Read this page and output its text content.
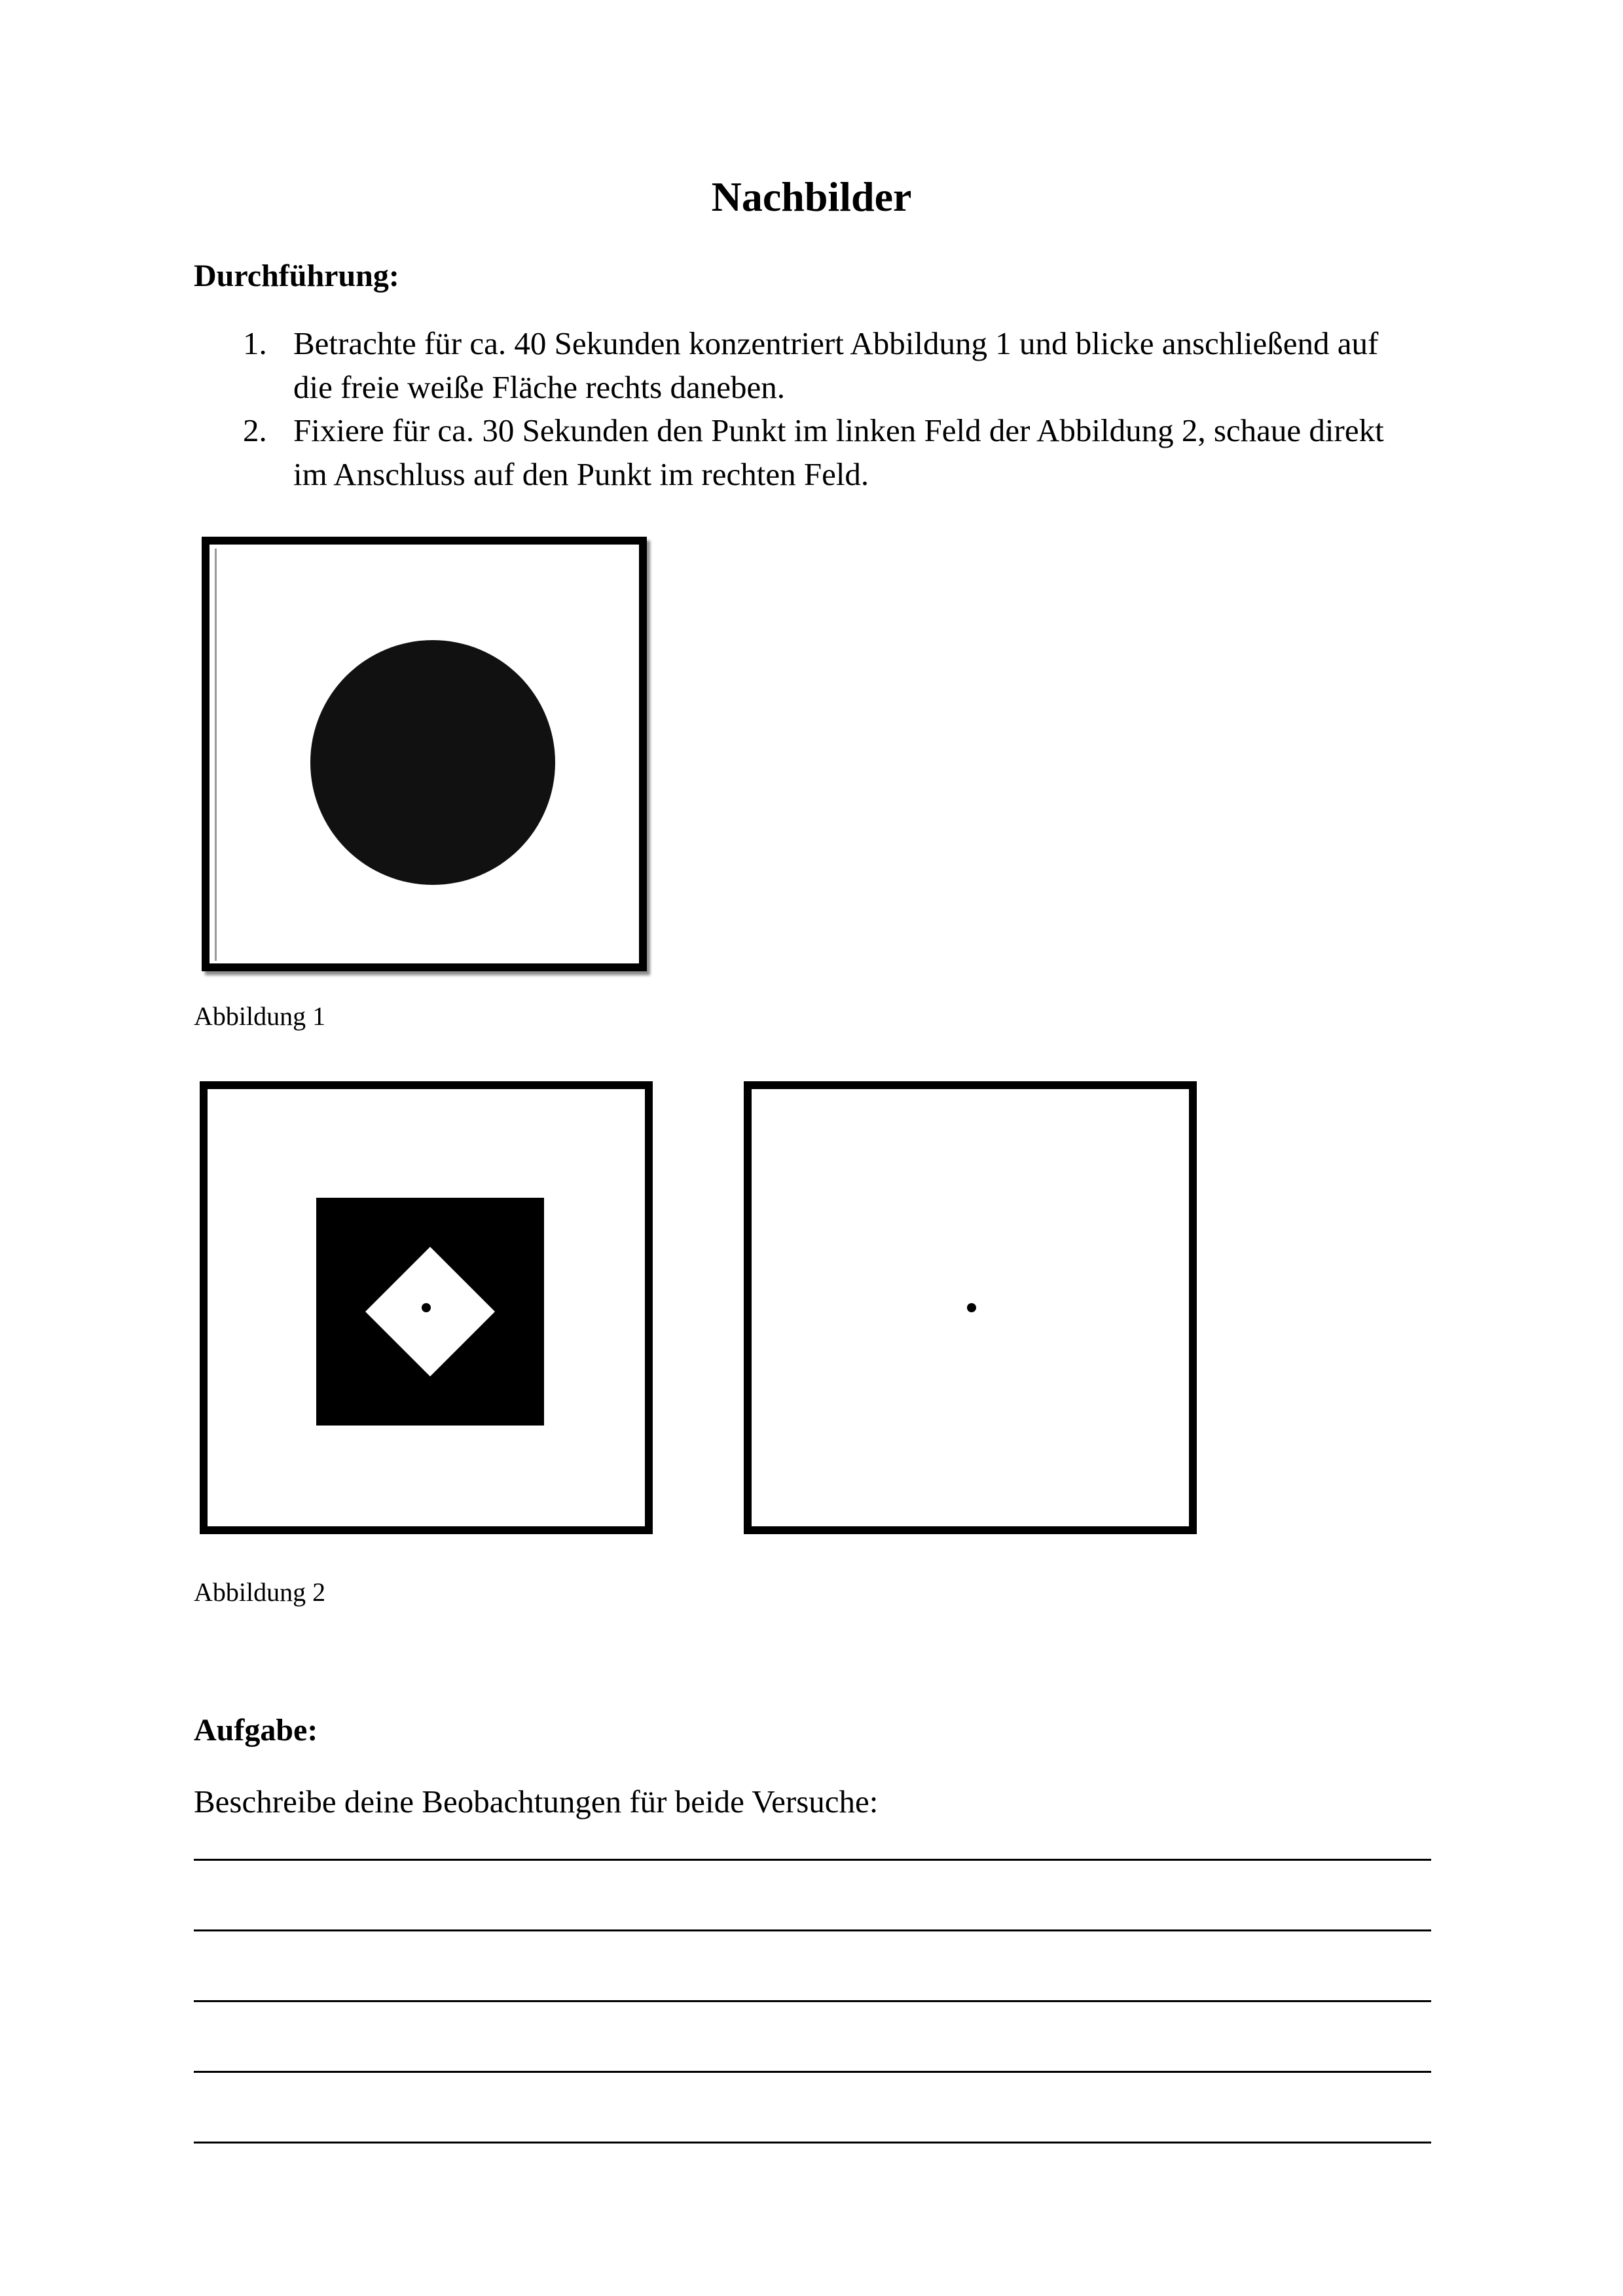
Nachbilder
Durchführung:
1. Betrachte für ca. 40 Sekunden konzentriert Abbildung 1 und blicke anschließend auf
die freie weiße Fläche rechts daneben.
2. Fixiere für ca. 30 Sekunden den Punkt im linken Feld der Abbildung 2, schaue direkt
im Anschluss auf den Punkt im rechten Feld.
Abbildung 1
Abbildung 2
Aufgabe:
Beschreibe deine Beobachtungen für beide Versuche:
